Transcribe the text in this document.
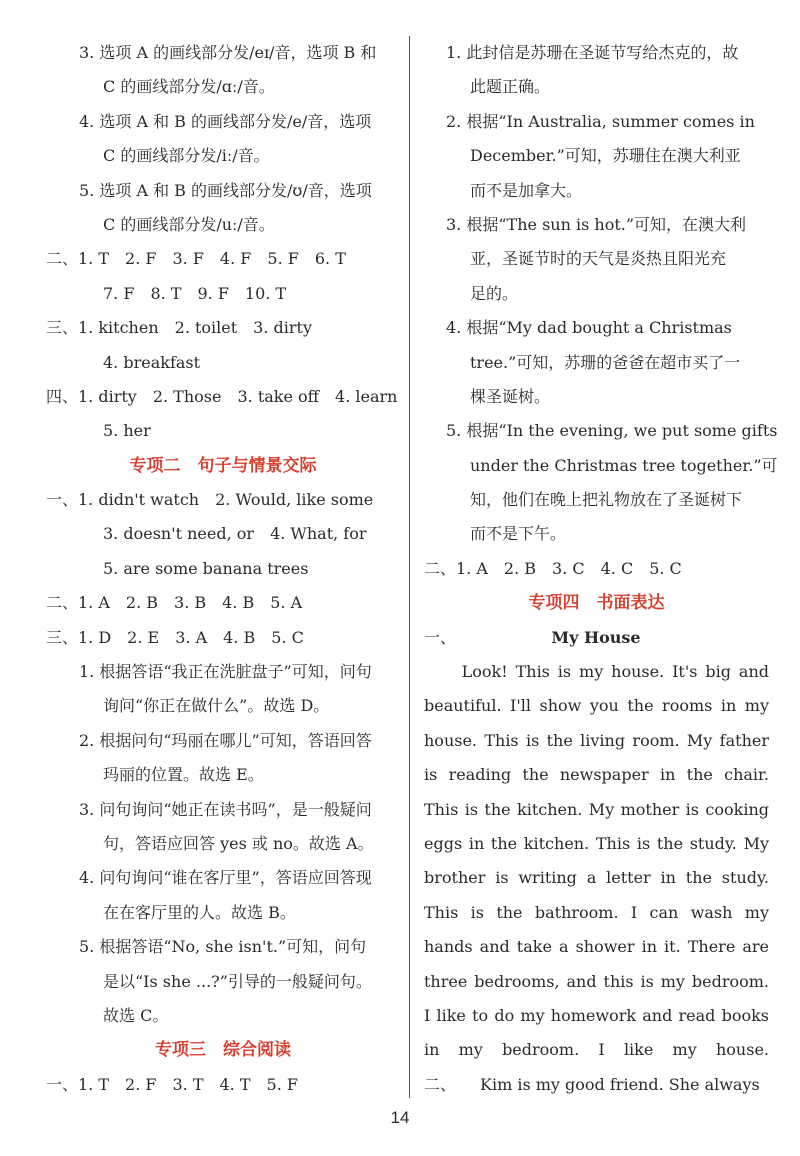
3. 选项 A 的画线部分发/eɪ/音，选项 B 和
C 的画线部分发/ɑː/音。
4. 选项 A 和 B 的画线部分发/e/音，选项
C 的画线部分发/iː/音。
5. 选项 A 和 B 的画线部分发/ʊ/音，选项
C 的画线部分发/uː/音。
二、1. T　2. F　3. F　4. F　5. F　6. T
7. F　8. T　9. F　10. T
三、1. kitchen　2. toilet　3. dirty
4. breakfast
四、1. dirty　2. Those　3. take off　4. learn
5. her
专项二　句子与情景交际
一、1. didn't watch　2. Would, like some
3. doesn't need, or　4. What, for
5. are some banana trees
二、1. A　2. B　3. B　4. B　5. A
三、1. D　2. E　3. A　4. B　5. C
1. 根据答语“我正在洗脏盘子”可知，问句
询问“你正在做什么”。故选 D。
2. 根据问句“玛丽在哪儿”可知，答语回答
玛丽的位置。故选 E。
3. 问句询问“她正在读书吗”，是一般疑问
句，答语应回答 yes 或 no。故选 A。
4. 问句询问“谁在客厅里”，答语应回答现
在在客厅里的人。故选 B。
5. 根据答语“No, she isn't.”可知，问句
是以“Is she ...?”引导的一般疑问句。
故选 C。
专项三　综合阅读
一、1. T　2. F　3. T　4. T　5. F
1. 此封信是苏珊在圣诞节写给杰克的，故
此题正确。
2. 根据“In Australia, summer comes in
December.”可知，苏珊住在澳大利亚
而不是加拿大。
3. 根据“The sun is hot.”可知，在澳大利
亚，圣诞节时的天气是炎热且阳光充
足的。
4. 根据“My dad bought a Christmas
tree.”可知，苏珊的爸爸在超市买了一
棵圣诞树。
5. 根据“In the evening, we put some gifts
under the Christmas tree together.”可
知，他们在晚上把礼物放在了圣诞树下
而不是下午。
二、1. A　2. B　3. C　4. C　5. C
专项四　书面表达
一、	My House
　　Look! This is my house. It's big and
beautiful. I'll show you the rooms in my
house. This is the living room. My father
is reading the newspaper in the chair.
This is the kitchen. My mother is cooking
eggs in the kitchen. This is the study. My
brother is writing a letter in the study.
This is the bathroom. I can wash my
hands and take a shower in it. There are
three bedrooms, and this is my bedroom.
I like to do my homework and read books
in my bedroom. I like my house.
二、　　Kim is my good friend. She always
14
